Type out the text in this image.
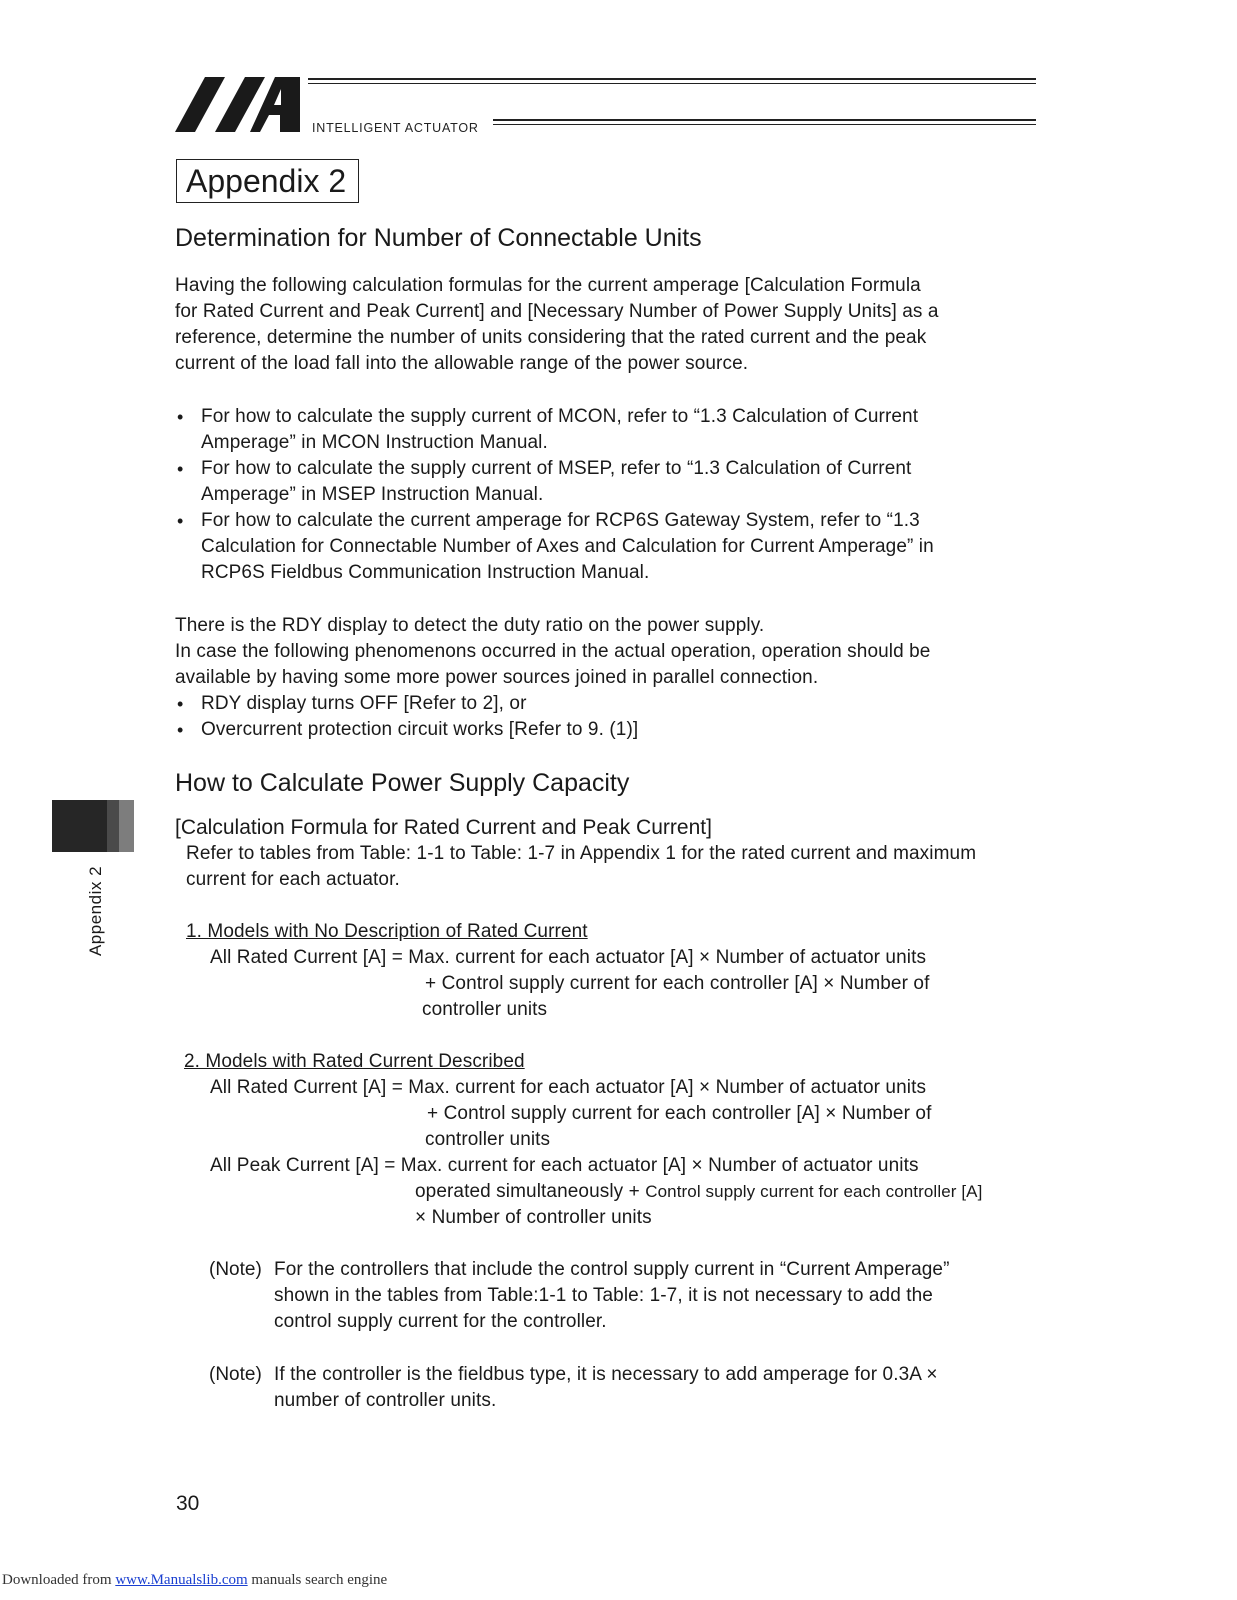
INTELLIGENT ACTUATOR
Appendix 2
Determination for Number of Connectable Units
Having the following calculation formulas for the current amperage [Calculation Formula
for Rated Current and Peak Current] and [Necessary Number of Power Supply Units] as a
reference, determine the number of units considering that the rated current and the peak
current of the load fall into the allowable range of the power source.
• For how to calculate the supply current of MCON, refer to “1.3 Calculation of Current
Amperage” in MCON Instruction Manual.
• For how to calculate the supply current of MSEP, refer to “1.3 Calculation of Current
Amperage” in MSEP Instruction Manual.
• For how to calculate the current amperage for RCP6S Gateway System, refer to “1.3
Calculation for Connectable Number of Axes and Calculation for Current Amperage” in
RCP6S Fieldbus Communication Instruction Manual.
There is the RDY display to detect the duty ratio on the power supply.
In case the following phenomenons occurred in the actual operation, operation should be
available by having some more power sources joined in parallel connection.
• RDY display turns OFF [Refer to 2], or
• Overcurrent protection circuit works [Refer to 9. (1)]
How to Calculate Power Supply Capacity
[Calculation Formula for Rated Current and Peak Current]
Refer to tables from Table: 1-1 to Table: 1-7 in Appendix 1 for the rated current and maximum
current for each actuator.
1. Models with No Description of Rated Current
All Rated Current [A] = Max. current for each actuator [A] × Number of actuator units
+ Control supply current for each controller [A] × Number of
controller units
2. Models with Rated Current Described
All Rated Current [A] = Max. current for each actuator [A] × Number of actuator units
+ Control supply current for each controller [A] × Number of
controller units
All Peak Current [A] = Max. current for each actuator [A] × Number of actuator units
operated simultaneously + Control supply current for each controller [A]
× Number of controller units
(Note) For the controllers that include the control supply current in “Current Amperage”
shown in the tables from Table:1-1 to Table: 1-7, it is not necessary to add the
control supply current for the controller.
(Note) If the controller is the fieldbus type, it is necessary to add amperage for 0.3A ×
number of controller units.
Appendix 2
30
Downloaded from www.Manualslib.com manuals search engine
